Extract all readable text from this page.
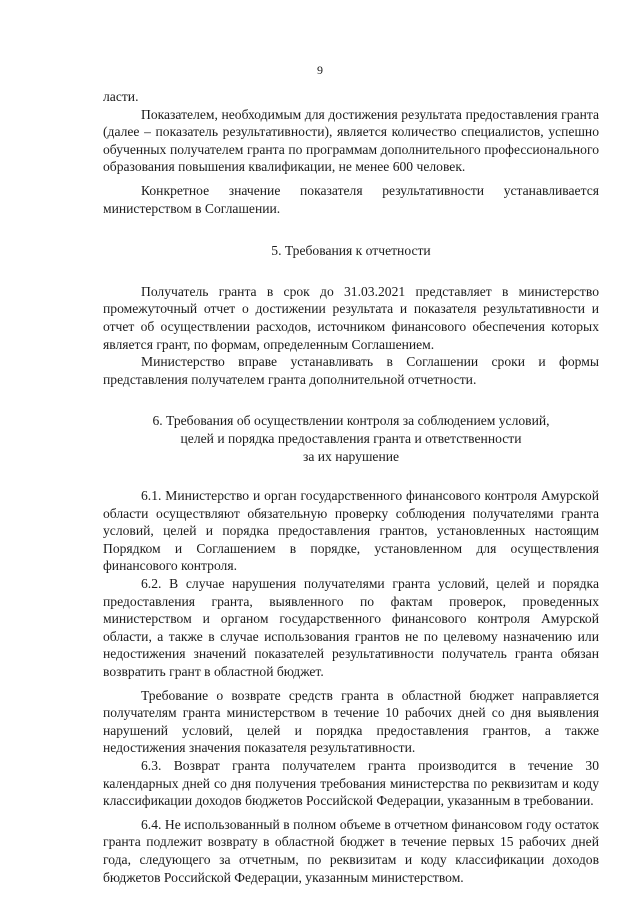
9

ласти.

Показателем, необходимым для достижения результата предоставления гранта (далее – показатель результативности), является количество специалистов, успешно обученных получателем гранта по программам дополнительного профессионального образования повышения квалификации, не менее 600 человек.

Конкретное значение показателя результативности устанавливается министерством в Соглашении.

5. Требования к отчетности

Получатель гранта в срок до 31.03.2021 представляет в министерство промежуточный отчет о достижении результата и показателя результативности и отчет об осуществлении расходов, источником финансового обеспечения которых является грант, по формам, определенным Соглашением.

Министерство вправе устанавливать в Соглашении сроки и формы представления получателем гранта дополнительной отчетности.

6. Требования об осуществлении контроля за соблюдением условий,

целей и порядка предоставления гранта и ответственности

за их нарушение

6.1. Министерство и орган государственного финансового контроля Амурской области осуществляют обязательную проверку соблюдения получателями гранта условий, целей и порядка предоставления грантов, установленных настоящим Порядком и Соглашением в порядке, установленном для осуществления финансового контроля.

6.2. В случае нарушения получателями гранта условий, целей и порядка предоставления гранта, выявленного по фактам проверок, проведенных министерством и органом государственного финансового контроля Амурской области, а также в случае использования грантов не по целевому назначению или недостижения значений показателей результативности получатель гранта обязан возвратить грант в областной бюджет.

Требование о возврате средств гранта в областной бюджет направляется получателям гранта министерством в течение 10 рабочих дней со дня выявления нарушений условий, целей и порядка предоставления грантов, а также недостижения значения показателя результативности.

6.3. Возврат гранта получателем гранта производится в течение 30 календарных дней со дня получения требования министерства по реквизитам и коду классификации доходов бюджетов Российской Федерации, указанным в требовании.

6.4. Не использованный в полном объеме в отчетном финансовом году остаток гранта подлежит возврату в областной бюджет в течение первых 15 рабочих дней года, следующего за отчетным, по реквизитам и коду классификации доходов бюджетов Российской Федерации, указанным министерством.
